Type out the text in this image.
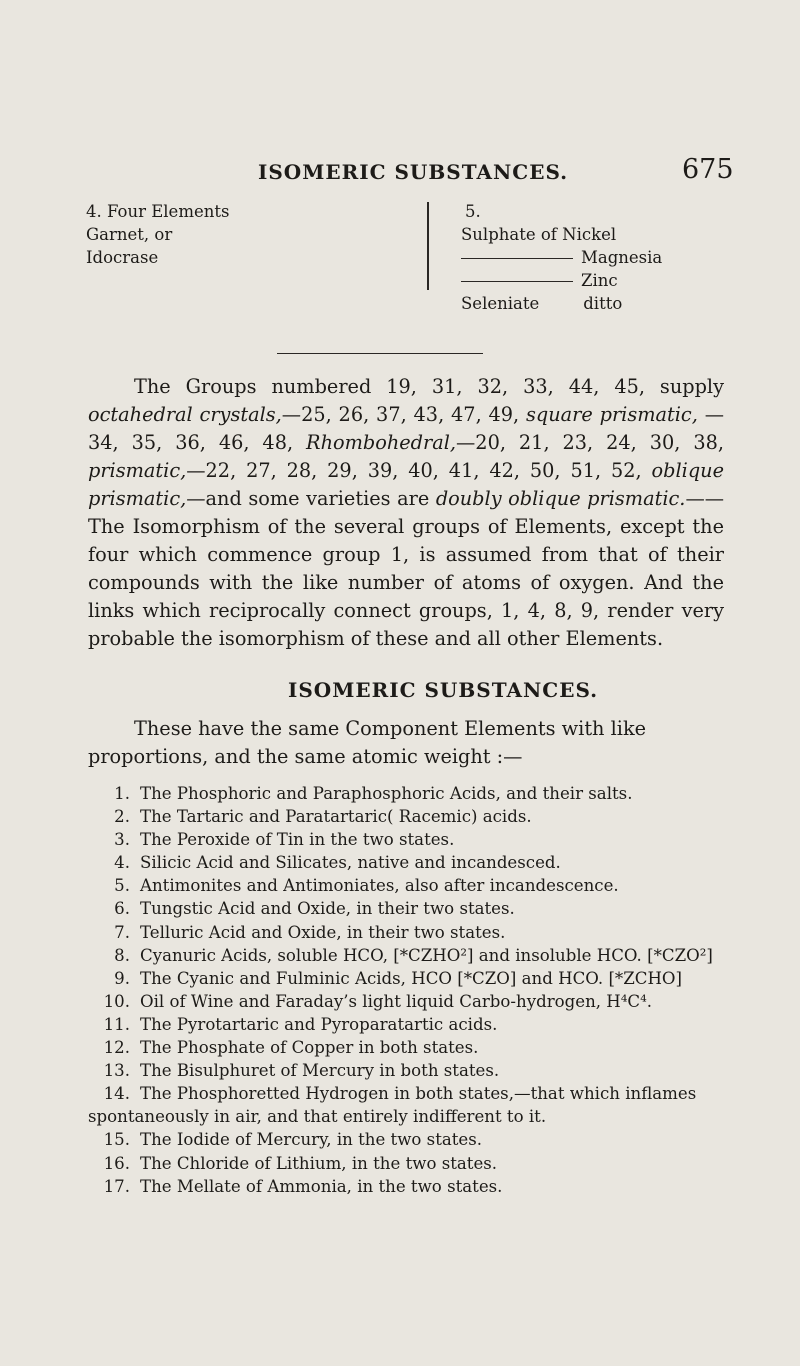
ISOMERIC SUBSTANCES.	675
4. Four Elements
Garnet, or
Idocrase
5.
Sulphate of Nickel
Magnesia
Zinc
Seleniate	ditto

The Groups numbered 19, 31, 32, 33, 44, 45, supply octahedral crystals,—25, 26, 37, 43, 47, 49, square prismatic, —34, 35, 36, 46, 48, Rhombohedral,—20, 21, 23, 24, 30, 38, prismatic,—22, 27, 28, 29, 39, 40, 41, 42, 50, 51, 52, oblique prismatic,—and some varieties are doubly oblique prismatic.—— The Isomorphism of the several groups of Elements, except the four which commence group 1, is assumed from that of their compounds with the like number of atoms of oxygen. And the links which reciprocally connect groups, 1, 4, 8, 9, render very probable the isomorphism of these and all other Elements.

ISOMERIC SUBSTANCES.

These have the same Component Elements with like proportions, and the same atomic weight :—

1. The Phosphoric and Paraphosphoric Acids, and their salts.
2. The Tartaric and Paratartaric( Racemic) acids.
3. The Peroxide of Tin in the two states.
4. Silicic Acid and Silicates, native and incandesced.
5. Antimonites and Antimoniates, also after incandescence.
6. Tungstic Acid and Oxide, in their two states.
7. Telluric Acid and Oxide, in their two states.
8. Cyanuric Acids, soluble HCO, [*CZHO²] and insoluble HCO. [*CZO²]
9. The Cyanic and Fulminic Acids, HCO [*CZO] and HCO. [*ZCHO]
10. Oil of Wine and Faraday’s light liquid Carbo-hydrogen, H⁴C⁴.
11. The Pyrotartaric and Pyroparatartic acids.
12. The Phosphate of Copper in both states.
13. The Bisulphuret of Mercury in both states.
14. The Phosphoretted Hydrogen in both states,—that which inflames
spontaneously in air, and that entirely indifferent to it.
15. The Iodide of Mercury, in the two states.
16. The Chloride of Lithium, in the two states.
17. The Mellate of Ammonia, in the two states.
